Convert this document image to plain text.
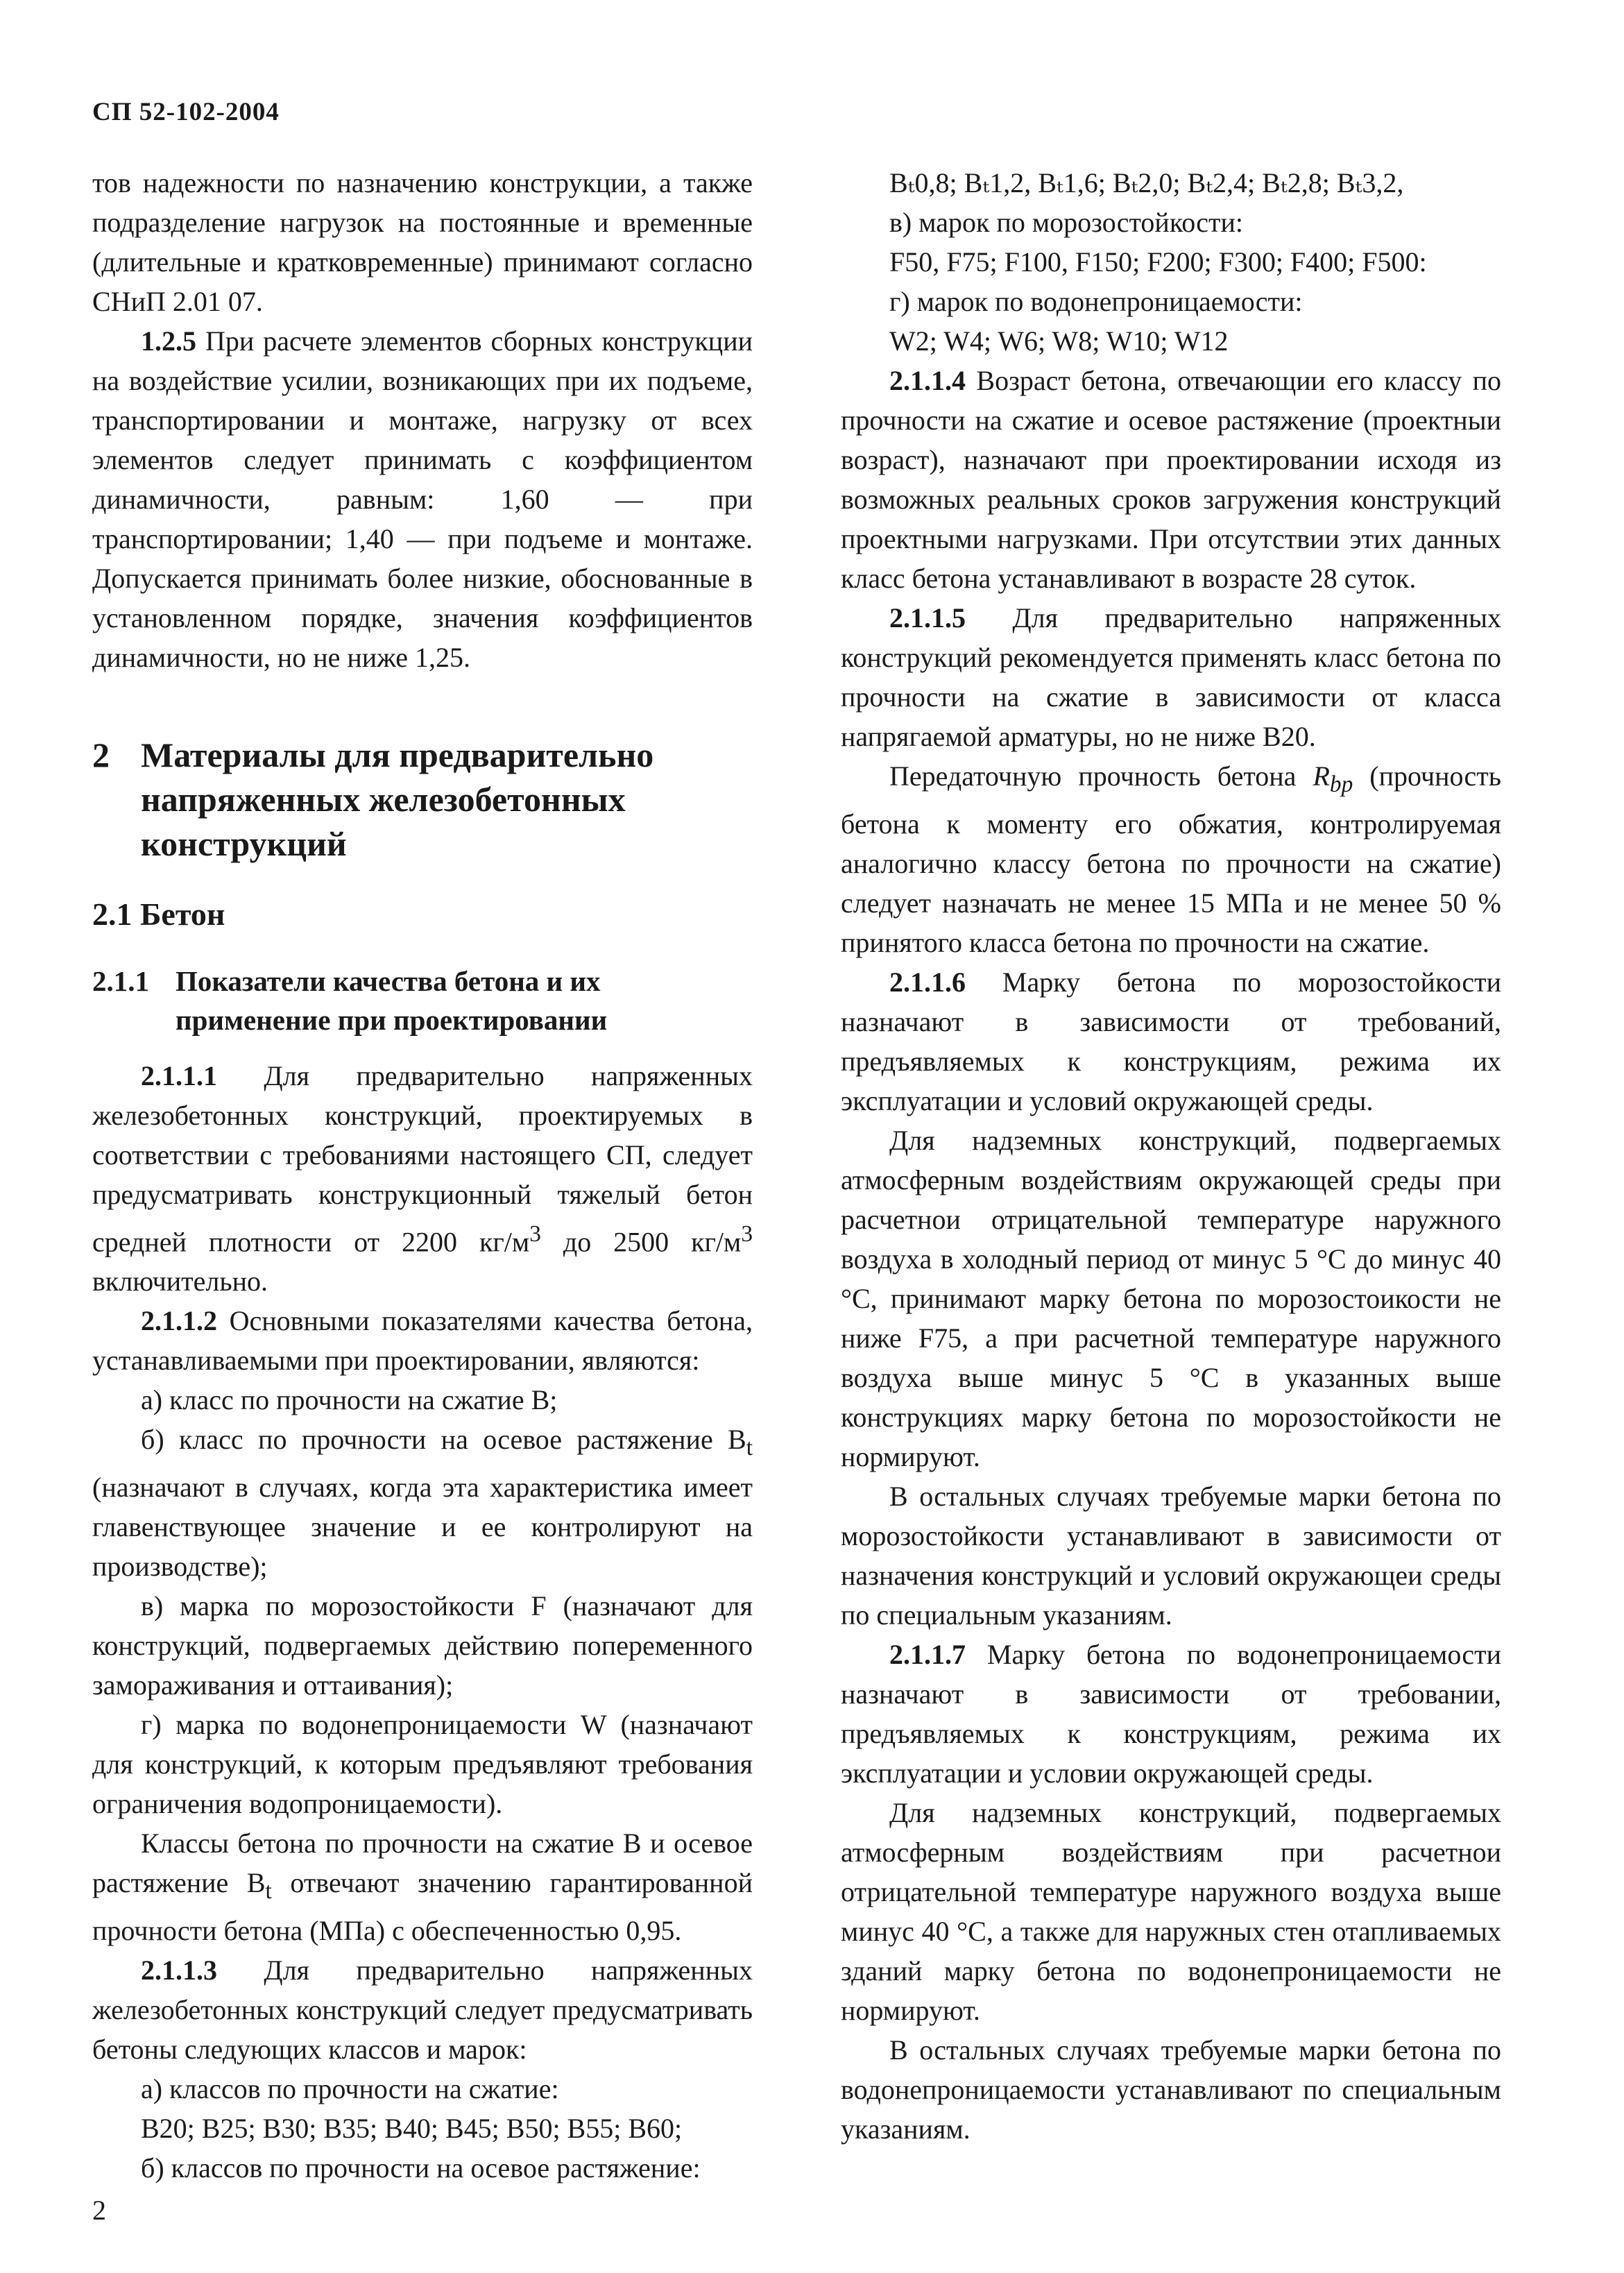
СП 52-102-2004

тов надежности по назначению конструкции, а также подразделение нагрузок на постоянные и временные (длительные и кратковременные) принимают согласно СНиП 2.01 07.

1.2.5 При расчете элементов сборных конструкции на воздействие усилии, возникающих при их подъеме, транспортировании и монтаже, нагрузку от всех элементов следует принимать с коэффициентом динамичности, равным: 1,60 — при транспортировании; 1,40 — при подъеме и монтаже. Допускается принимать более низкие, обоснованные в установленном порядке, значения коэффициентов динамичности, но не ниже 1,25.

2 Материалы для предварительно напряженных железобетонных конструкций
2.1 Бетон
2.1.1 Показатели качества бетона и их применение при проектировании

2.1.1.1 Для предварительно напряженных железобетонных конструкций, проектируемых в соответствии с требованиями настоящего СП, следует предусматривать конструкционный тяжелый бетон средней плотности от 2200 $кг/м^3$ до 2500 $кг/м^3$ включительно.

2.1.1.2 Основными показателями качества бетона, устанавливаемыми при проектировании, являются:

а) класс по прочности на сжатие B;

б) класс по прочности на осевое растяжение $B_t$ (назначают в случаях, когда эта характеристика имеет главенствующее значение и ее контролируют на производстве);

в) марка по морозостойкости F (назначают для конструкций, подвергаемых действию попеременного замораживания и оттаивания);

г) марка по водонепроницаемости W (назначают для конструкций, к которым предъявляют требования ограничения водопроницаемости).

Классы бетона по прочности на сжатие B и осевое растяжение $B_t$ отвечают значению гарантированной прочности бетона (МПа) с обеспеченностью 0,95.

2.1.1.3 Для предварительно напряженных железобетонных конструкций следует предусматривать бетоны следующих классов и марок:

а) классов по прочности на сжатие:

B20; B25; B30; B35; B40; B45; B50; B55; B60;

б) классов по прочности на осевое растяжение:

Bₜ0,8; Bₜ1,2, Bₜ1,6; Bₜ2,0; Bₜ2,4; Bₜ2,8; Bₜ3,2,

в) марок по морозостойкости:

F50, F75; F100, F150; F200; F300; F400; F500:

г) марок по водонепроницаемости:

W2; W4; W6; W8; W10; W12

2.1.1.4 Возраст бетона, отвечающии его классу по прочности на сжатие и осевое растяжение (проектныи возраст), назначают при проектировании исходя из возможных реальных сроков загружения конструкций проектными нагрузками. При отсутствии этих данных класс бетона устанавливают в возрасте 28 суток.

2.1.1.5 Для предварительно напряженных конструкций рекомендуется применять класс бетона по прочности на сжатие в зависимости от класса напрягаемой арматуры, но не ниже B20.

Передаточную прочность бетона $R_{bp}$ (прочность бетона к моменту его обжатия, контролируемая аналогично классу бетона по прочности на сжатие) следует назначать не менее 15 МПа и не менее 50 % принятого класса бетона по прочности на сжатие.

2.1.1.6 Марку бетона по морозостойкости назначают в зависимости от требований, предъявляемых к конструкциям, режима их эксплуатации и условий окружающей среды.

Для надземных конструкций, подвергаемых атмосферным воздействиям окружающей среды при расчетнои отрицательной температуре наружного воздуха в холодный период от минус 5 °С до минус 40 °С, принимают марку бетона по морозостоикости не ниже F75, а при расчетной температуре наружного воздуха выше минус 5 °С в указанных выше конструкциях марку бетона по морозостойкости не нормируют.

В остальных случаях требуемые марки бетона по морозостойкости устанавливают в зависимости от назначения конструкций и условий окружающеи среды по специальным указаниям.

2.1.1.7 Марку бетона по водонепроницаемости назначают в зависимости от требовании, предъявляемых к конструкциям, режима их эксплуатации и условии окружающей среды.

Для надземных конструкций, подвергаемых атмосферным воздействиям при расчетнои отрицательной температуре наружного воздуха выше минус 40 °С, а также для наружных стен отапливаемых зданий марку бетона по водонепроницаемости не нормируют.

В остальных случаях требуемые марки бетона по водонепроницаемости устанавливают по специальным указаниям.

2
